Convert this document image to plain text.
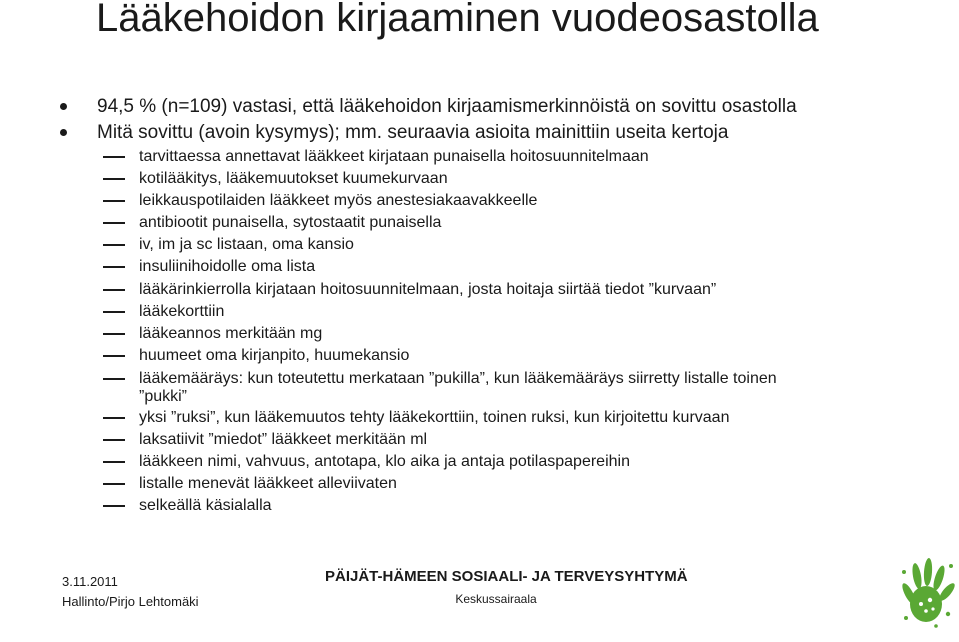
Lääkehoidon kirjaaminen vuodeosastolla
94,5 % (n=109) vastasi, että lääkehoidon kirjaamismerkinnöistä on sovittu osastolla
Mitä sovittu (avoin kysymys); mm. seuraavia asioita mainittiin useita kertoja
tarvittaessa annettavat lääkkeet kirjataan punaisella hoitosuunnitelmaan
kotilääkitys, lääkemuutokset kuumekurvaan
leikkauspotilaiden lääkkeet myös anestesiakaavakkeelle
antibiootit punaisella, sytostaatit punaisella
iv, im ja sc listaan, oma kansio
insuliinihoidolle oma lista
lääkärinkierrolla kirjataan hoitosuunnitelmaan, josta hoitaja siirtää tiedot ”kurvaan”
lääkekorttiin
lääkeannos merkitään mg
huumeet oma kirjanpito, huumekansio
lääkemääräys: kun toteutettu merkataan ”pukilla”, kun lääkemääräys siirretty listalle toinen
”pukki”
yksi ”ruksi”, kun lääkemuutos tehty lääkekorttiin, toinen ruksi, kun kirjoitettu kurvaan
laksatiivit ”miedot” lääkkeet merkitään ml
lääkkeen nimi, vahvuus, antotapa, klo aika ja antaja potilaspapereihin
listalle menevät lääkkeet alleviivaten
selkeällä käsialalla
3.11.2011
Hallinto/Pirjo Lehtomäki
PÄIJÄT-HÄMEEN SOSIAALI- JA TERVEYSYHTYMÄ
Keskussairaala
